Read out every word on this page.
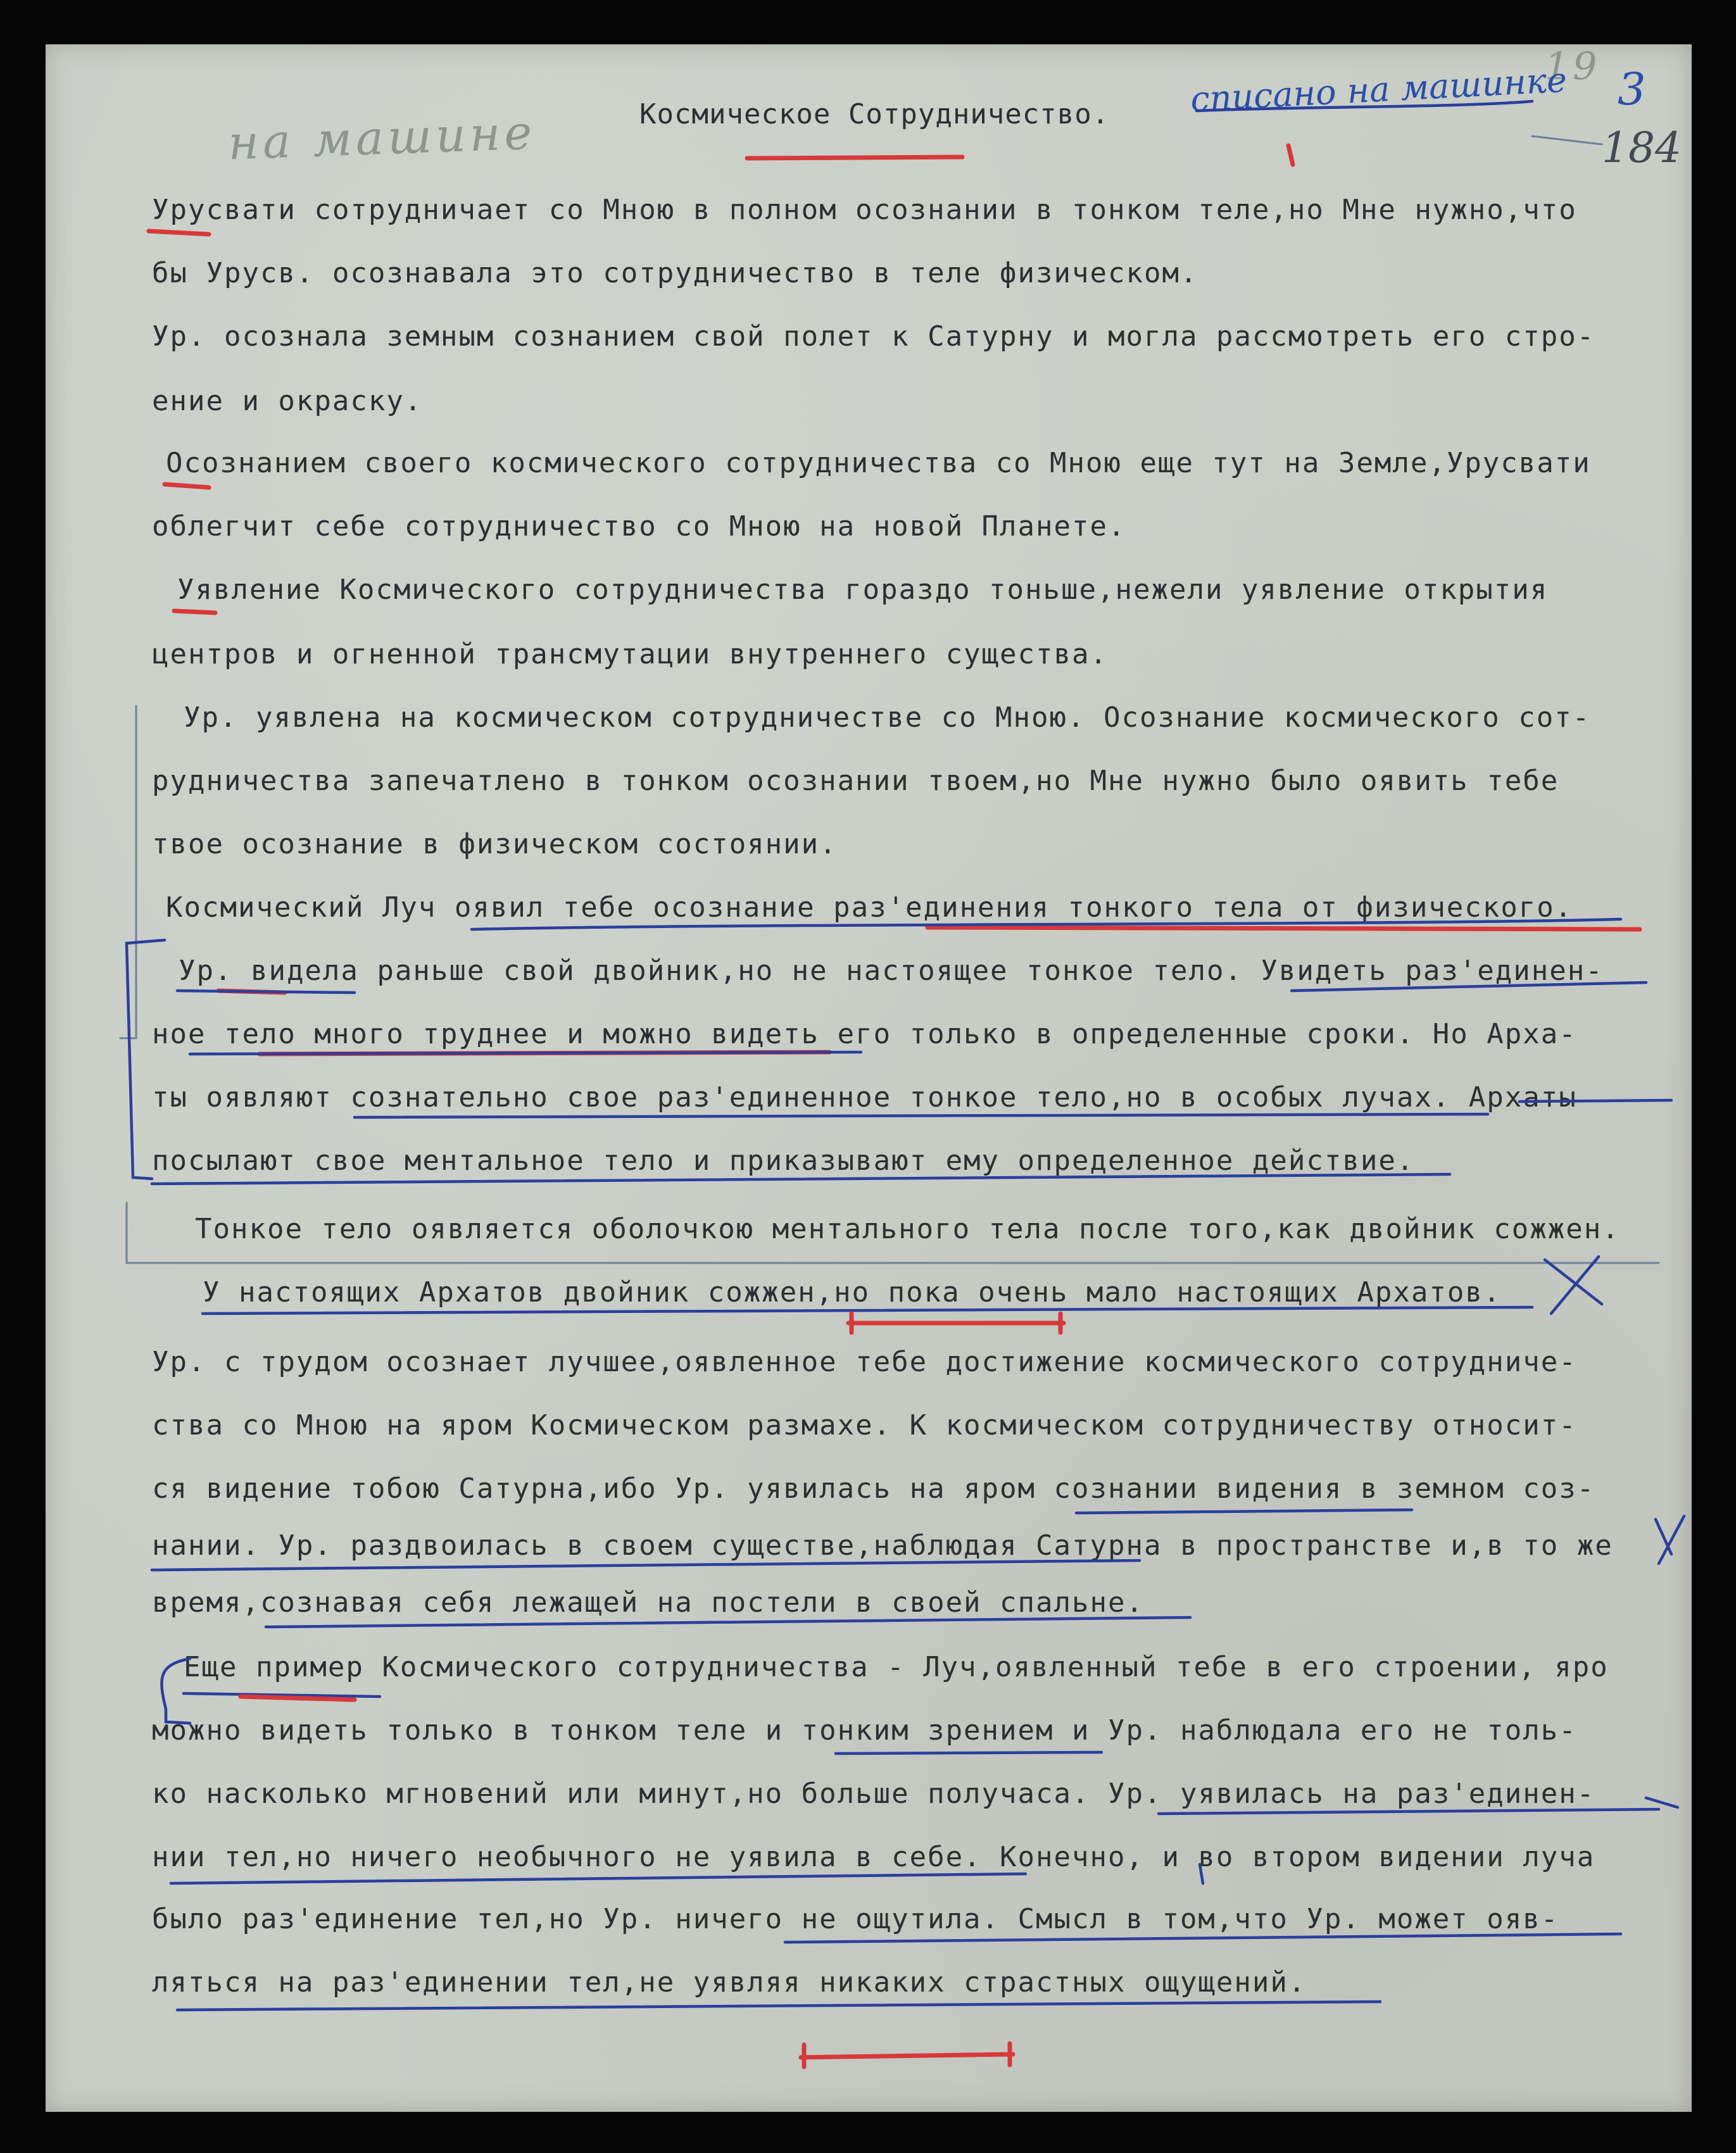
на машине
19
списано на машинке 3
184
Космическое Сотрудничество.
Урусвати сотрудничает со Мною в полном осознании в тонком теле,но Мне нужно,что
бы Урусв. осознавала это сотрудничество в теле физическом.
Ур. осознала земным сознанием свой полет к Сатурну и могла рассмотреть его стро-
ение и окраску.
Осознанием своего космического сотрудничества со Мною еще тут на Земле,Урусвати
облегчит себе сотрудничество со Мною на новой Планете.
Уявление Космического сотрудничества гораздо тоньше,нежели уявление открытия
центров и огненной трансмутации внутреннего существа.
Ур. уявлена на космическом сотрудничестве со Мною. Осознание космического сот-
рудничества запечатлено в тонком осознании твоем,но Мне нужно было оявить тебе
твое осознание в физическом состоянии.
Космический Луч оявил тебе осознание раз'единения тонкого тела от физического.
Ур. видела раньше свой двойник,но не настоящее тонкое тело. Увидеть раз'единен-
ное тело много труднее и можно видеть его только в определенные сроки. Но Арха-
ты оявляют сознательно свое раз'единенное тонкое тело,но в особых лучах. Архаты
посылают свое ментальное тело и приказывают ему определенное действие.
Тонкое тело оявляется оболочкою ментального тела после того,как двойник сожжен.
У настоящих Архатов двойник сожжен,но пока очень мало настоящих Архатов.
Ур. с трудом осознает лучшее,оявленное тебе достижение космического сотрудниче-
ства со Мною на яром Космическом размахе. К космическом сотрудничеству относит-
ся видение тобою Сатурна,ибо Ур. уявилась на яром сознании видения в земном соз-
нании. Ур. раздвоилась в своем существе,наблюдая Сатурна в пространстве и,в то же
время,сознавая себя лежащей на постели в своей спальне.
Еще пример Космического сотрудничества - Луч,оявленный тебе в его строении, яро
можно видеть только в тонком теле и тонким зрением и Ур. наблюдала его не толь-
ко насколько мгновений или минут,но больше получаса. Ур. уявилась на раз'единен-
нии тел,но ничего необычного не уявила в себе. Конечно, и во втором видении луча
было раз'единение тел,но Ур. ничего не ощутила. Смысл в том,что Ур. может ояв-
ляться на раз'единении тел,не уявляя никаких страстных ощущений.
